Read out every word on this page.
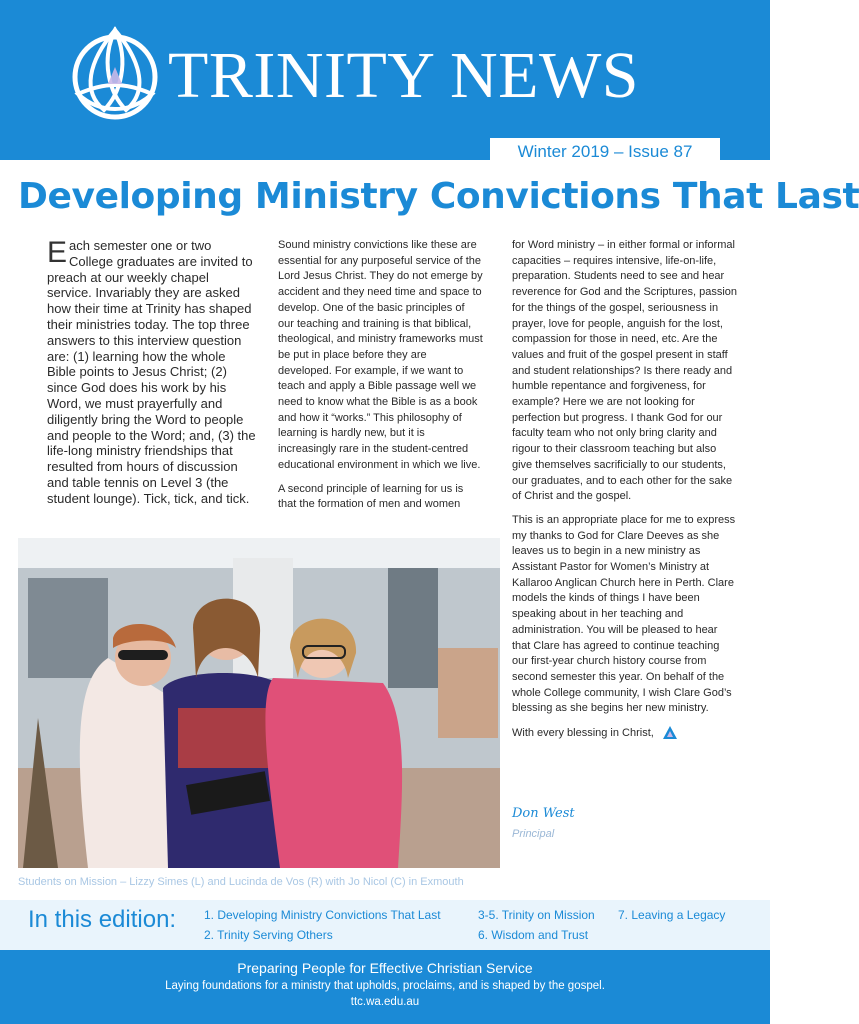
TRINITY NEWS
Winter 2019 – Issue 87
Developing Ministry Convictions That Last

Each semester one or two College graduates are invited to preach at our weekly chapel service. Invariably they are asked how their time at Trinity has shaped their ministries today. The top three answers to this interview question are: (1) learning how the whole Bible points to Jesus Christ; (2) since God does his work by his Word, we must prayerfully and diligently bring the Word to people and people to the Word; and, (3) the life-long ministry friendships that resulted from hours of discussion and table tennis on Level 3 (the student lounge). Tick, tick, and tick.

Sound ministry convictions like these are essential for any purposeful service of the Lord Jesus Christ. They do not emerge by accident and they need time and space to develop. One of the basic principles of our teaching and training is that biblical, theological, and ministry frameworks must be put in place before they are developed. For example, if we want to teach and apply a Bible passage well we need to know what the Bible is as a book and how it “works.” This philosophy of learning is hardly new, but it is increasingly rare in the student-centred educational environment in which we live.

A second principle of learning for us is that the formation of men and women

for Word ministry – in either formal or informal capacities – requires intensive, life-on-life, preparation. Students need to see and hear reverence for God and the Scriptures, passion for the things of the gospel, seriousness in prayer, love for people, anguish for the lost, compassion for those in need, etc. Are the values and fruit of the gospel present in staff and student relationships? Is there ready and humble repentance and forgiveness, for example? Here we are not looking for perfection but progress. I thank God for our faculty team who not only bring clarity and rigour to their classroom teaching but also give themselves sacrificially to our students, our graduates, and to each other for the sake of Christ and the gospel.

This is an appropriate place for me to express my thanks to God for Clare Deeves as she leaves us to begin in a new ministry as Assistant Pastor for Women’s Ministry at Kallaroo Anglican Church here in Perth. Clare models the kinds of things I have been speaking about in her teaching and administration. You will be pleased to hear that Clare has agreed to continue teaching our first-year church history course from second semester this year. On behalf of the whole College community, I wish Clare God’s blessing as she begins her new ministry.

With every blessing in Christ,

Don West
Principal
Students on Mission – Lizzy Simes (L) and Lucinda de Vos (R) with Jo Nicol (C) in Exmouth
In this edition: 1. Developing Ministry Convictions That Last
2. Trinity Serving Others
3-5. Trinity on Mission
6. Wisdom and Trust
7. Leaving a Legacy
Preparing People for Effective Christian Service
Laying foundations for a ministry that upholds, proclaims, and is shaped by the gospel.
ttc.wa.edu.au
